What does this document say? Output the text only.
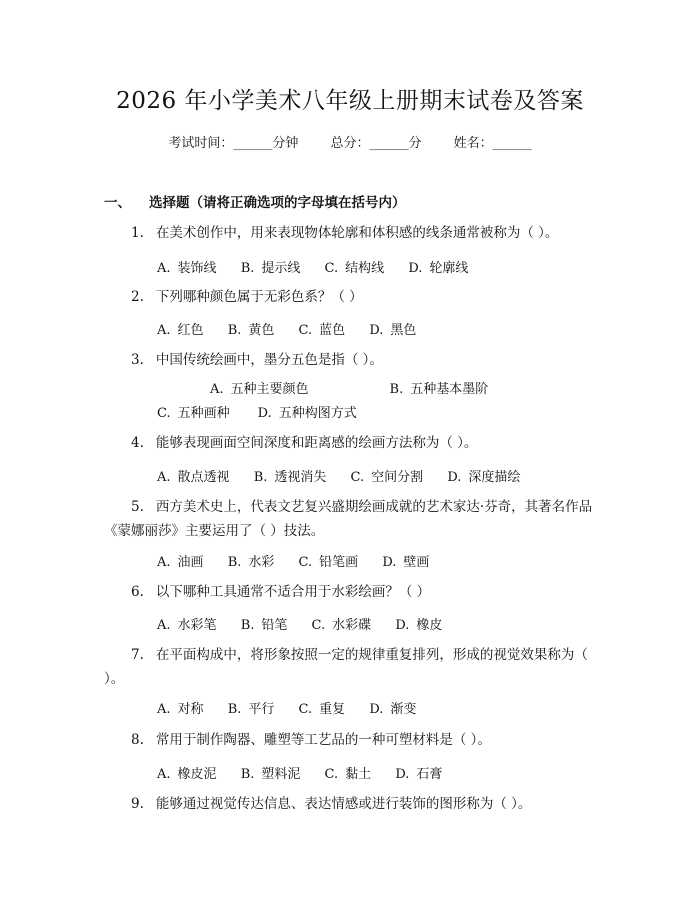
2026 年小学美术八年级上册期末试卷及答案
考试时间：______分钟 总分：______分 姓名：______
一、 选择题（请将正确选项的字母填在括号内）
1. 在美术创作中，用来表现物体轮廓和体积感的线条通常被称为（ ）。
A. 装饰线 B. 提示线 C. 结构线 D. 轮廓线
2. 下列哪种颜色属于无彩色系？（ ）
A. 红色 B. 黄色 C. 蓝色 D. 黑色
3. 中国传统绘画中，墨分五色是指（ ）。
A. 五种主要颜色	B. 五种基本墨阶C. 五种画种 D. 五种构图方式
4. 能够表现画面空间深度和距离感的绘画方法称为（ ）。
A. 散点透视 B. 透视消失 C. 空间分割 D. 深度描绘
5. 西方美术史上，代表文艺复兴盛期绘画成就的艺术家达·芬奇，其著名作品《蒙娜丽莎》主要运用了（ ）技法。
A. 油画 B. 水彩 C. 铅笔画 D. 壁画
6. 以下哪种工具通常不适合用于水彩绘画？（ ）
A. 水彩笔 B. 铅笔 C. 水彩碟 D. 橡皮
7. 在平面构成中，将形象按照一定的规律重复排列，形成的视觉效果称为（ ）。
A. 对称 B. 平行 C. 重复 D. 渐变
8. 常用于制作陶器、雕塑等工艺品的一种可塑材料是（ ）。
A. 橡皮泥 B. 塑料泥 C. 黏土 D. 石膏
9. 能够通过视觉传达信息、表达情感或进行装饰的图形称为（ ）。
